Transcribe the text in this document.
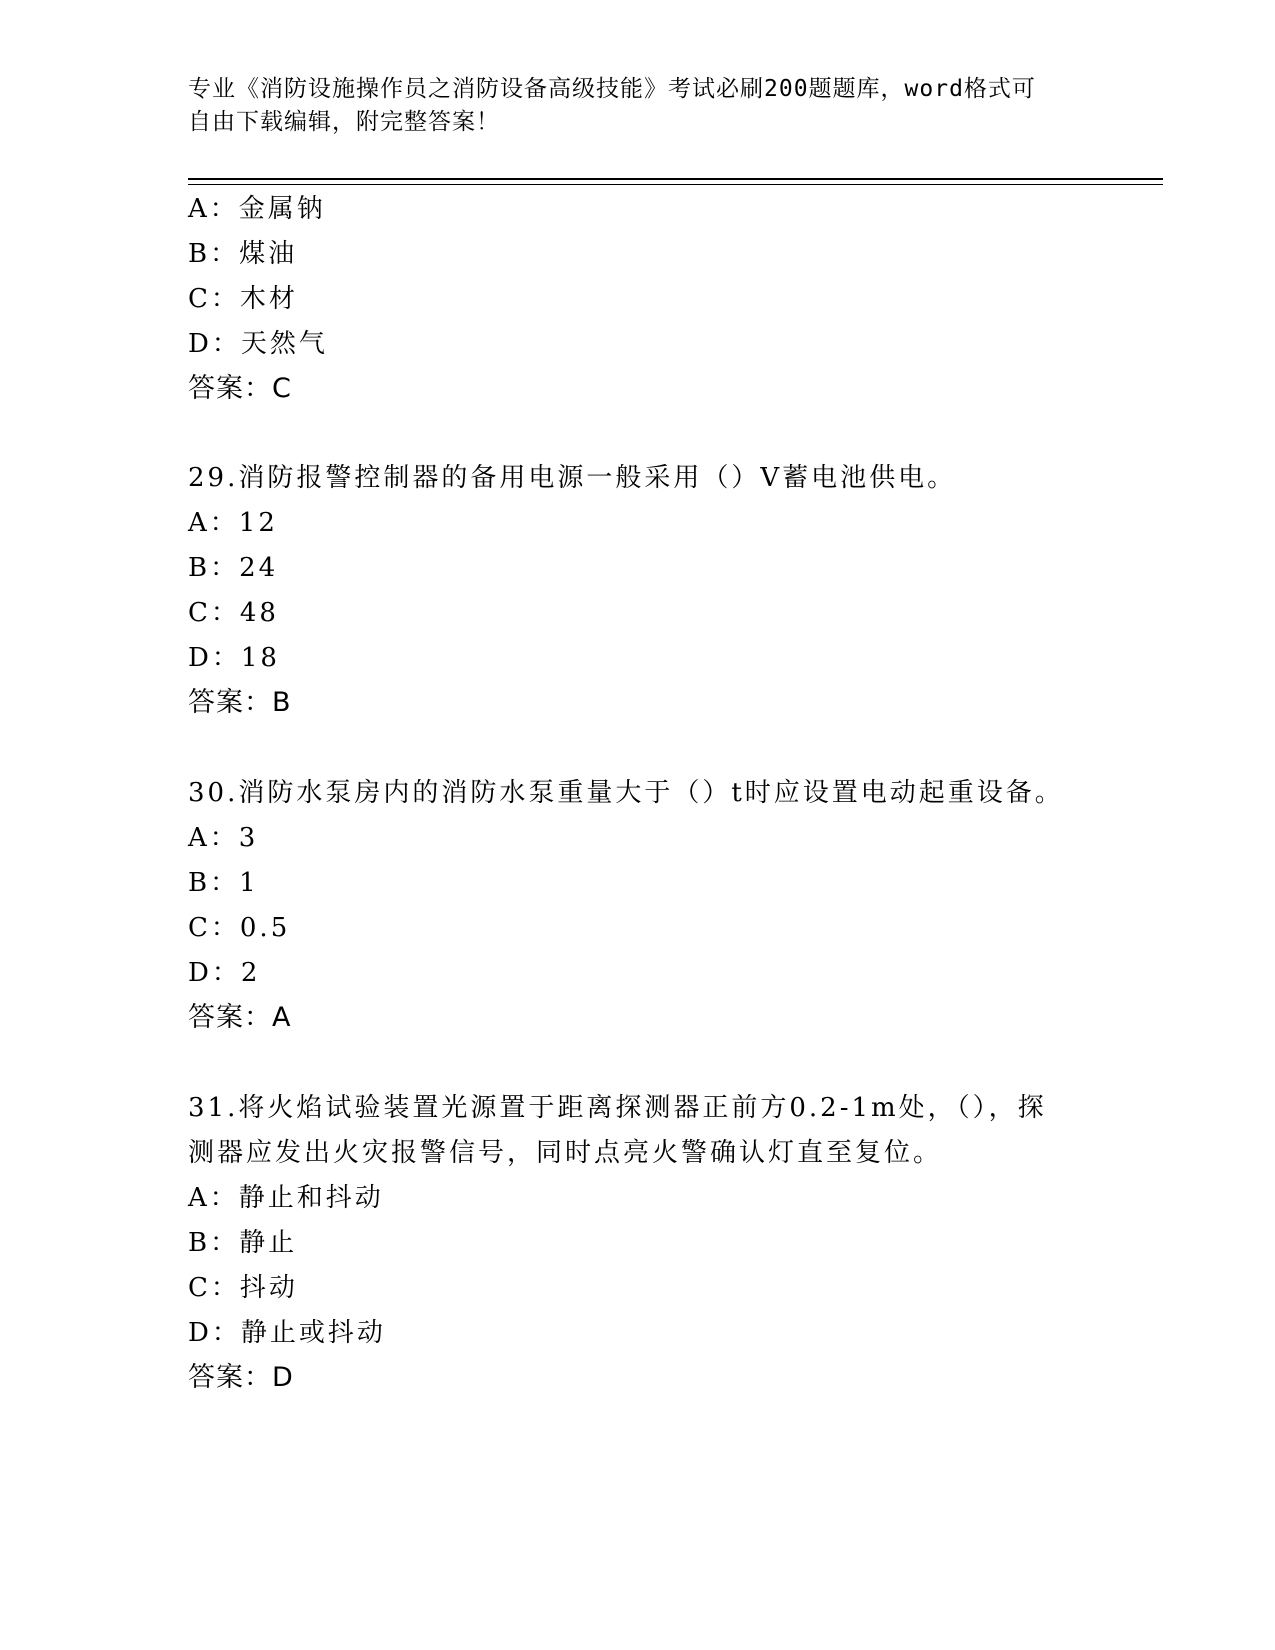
专业《消防设施操作员之消防设备高级技能》考试必刷200题题库，word格式可

自由下载编辑，附完整答案！

A：金属钠
B：煤油
C：木材
D：天然气
答案：C
29.消防报警控制器的备用电源一般采用（）V蓄电池供电。
A：12
B：24
C：48
D：18
答案：B
30.消防水泵房内的消防水泵重量大于（）t时应设置电动起重设备。
A：3
B：1
C：0.5
D：2
答案：A
31.将火焰试验装置光源置于距离探测器正前方0.2-1m处，（），探
测器应发出火灾报警信号，同时点亮火警确认灯直至复位。
A：静止和抖动
B：静止
C：抖动
D：静止或抖动
答案：D
